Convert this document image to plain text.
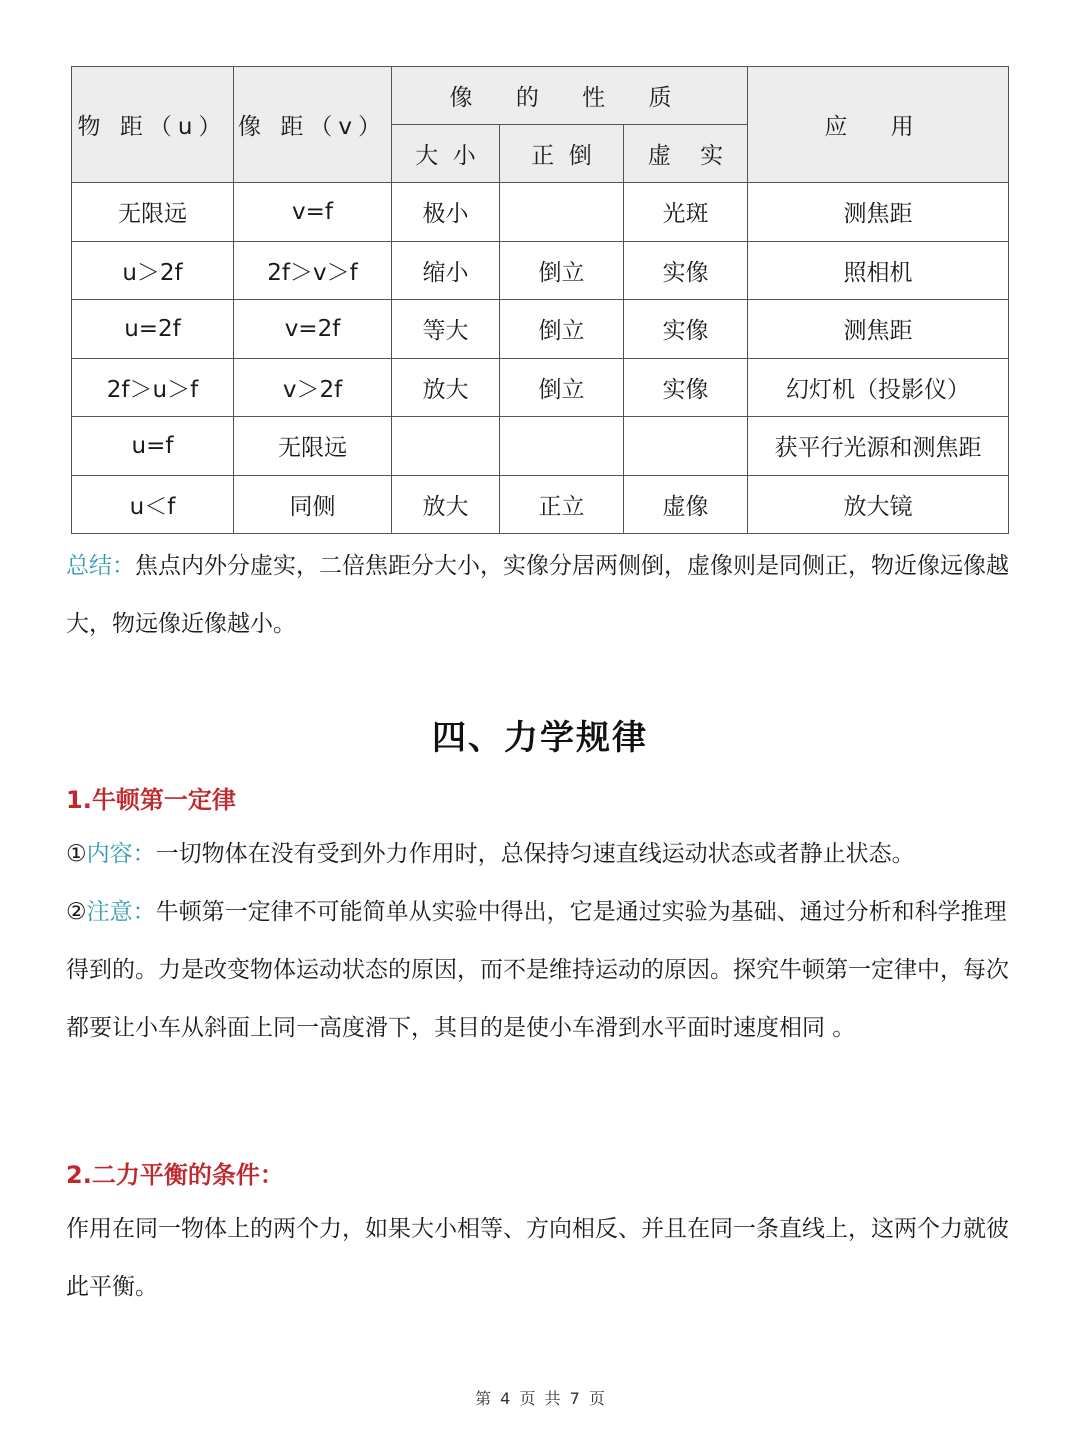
物 距（u）	像 距（v）	像 的 性 质			应 用
		大  小	正  倒	虚    实	
无限远	v=f	极小		光斑	测焦距
u＞2f	2f＞v＞f	缩小	倒立	实像	照相机
u=2f	v=2f	等大	倒立	实像	测焦距
2f＞u＞f	v＞2f	放大	倒立	实像	幻灯机（投影仪）
u=f	无限远				获平行光源和测焦距
u＜f	同侧	放大	正立	虚像	放大镜
总结：焦点内外分虚实，二倍焦距分大小，实像分居两侧倒，虚像则是同侧正，物近像远像越大，物远像近像越小。
四、力学规律
1.牛顿第一定律
①内容：一切物体在没有受到外力作用时，总保持匀速直线运动状态或者静止状态。
②注意：牛顿第一定律不可能简单从实验中得出，它是通过实验为基础、通过分析和科学推理得到的。力是改变物体运动状态的原因，而不是维持运动的原因。探究牛顿第一定律中，每次都要让小车从斜面上同一高度滑下，其目的是使小车滑到水平面时速度相同 。
2.二力平衡的条件：
作用在同一物体上的两个力，如果大小相等、方向相反、并且在同一条直线上，这两个力就彼此平衡。
第 4 页 共 7 页
